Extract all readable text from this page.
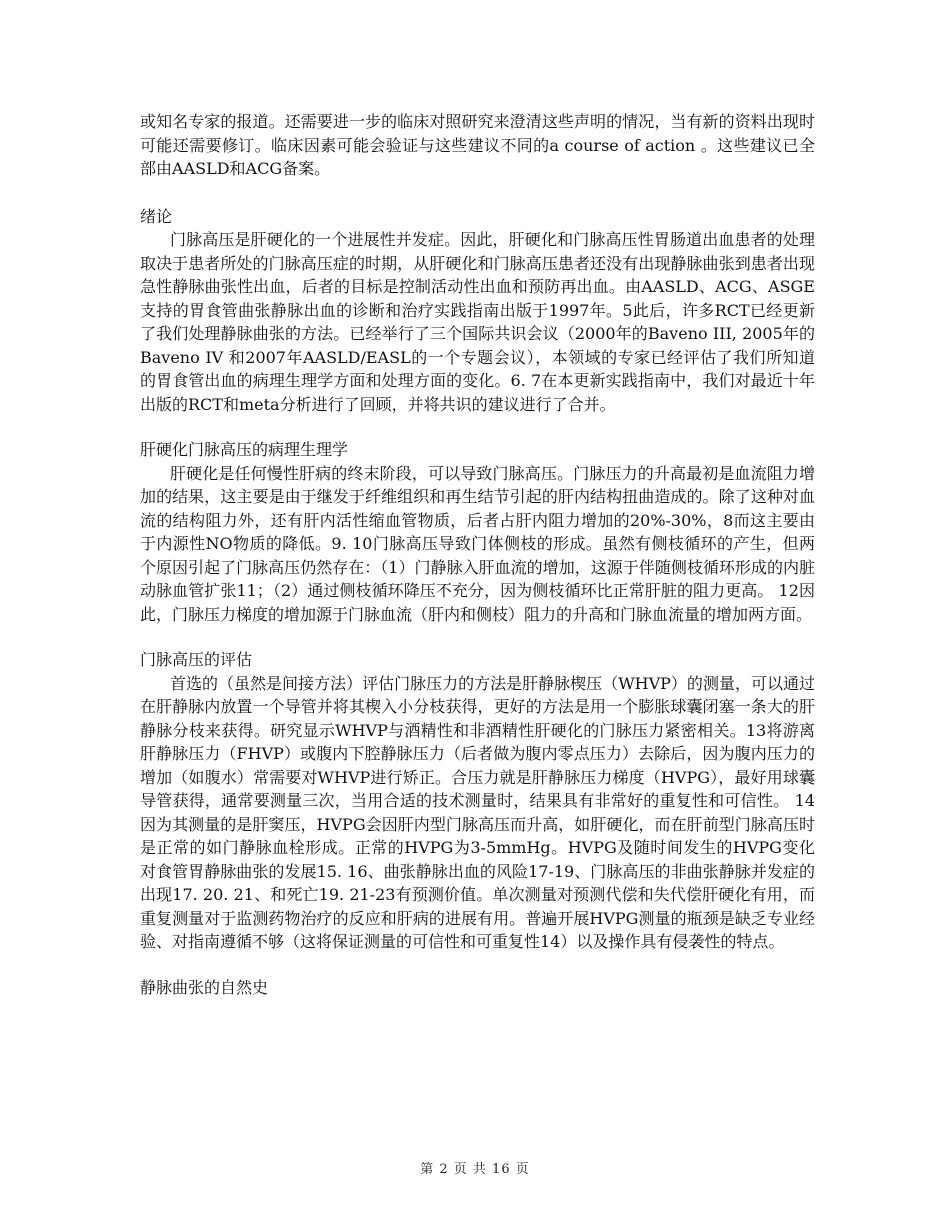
或知名专家的报道。还需要进一步的临床对照研究来澄清这些声明的情况，当有新的资料出现时可能还需要修订。临床因素可能会验证与这些建议不同的a course of action 。这些建议已全部由AASLD和ACG备案。

绪论

门脉高压是肝硬化的一个进展性并发症。因此，肝硬化和门脉高压性胃肠道出血患者的处理取决于患者所处的门脉高压症的时期，从肝硬化和门脉高压患者还没有出现静脉曲张到患者出现急性静脉曲张性出血，后者的目标是控制活动性出血和预防再出血。由AASLD、ACG、ASGE支持的胃食管曲张静脉出血的诊断和治疗实践指南出版于1997年。5此后，许多RCT已经更新了我们处理静脉曲张的方法。已经举行了三个国际共识会议（2000年的Baveno III, 2005年的Baveno IV 和2007年AASLD/EASL的一个专题会议），本领域的专家已经评估了我们所知道的胃食管出血的病理生理学方面和处理方面的变化。6. 7在本更新实践指南中，我们对最近十年出版的RCT和meta分析进行了回顾，并将共识的建议进行了合并。

肝硬化门脉高压的病理生理学

肝硬化是任何慢性肝病的终末阶段，可以导致门脉高压。门脉压力的升高最初是血流阻力增加的结果，这主要是由于继发于纤维组织和再生结节引起的肝内结构扭曲造成的。除了这种对血流的结构阻力外，还有肝内活性缩血管物质，后者占肝内阻力增加的20%-30%，8而这主要由于内源性NO物质的降低。9. 10门脉高压导致门体侧枝的形成。虽然有侧枝循环的产生，但两个原因引起了门脉高压仍然存在：（1）门静脉入肝血流的增加，这源于伴随侧枝循环形成的内脏动脉血管扩张11；（2）通过侧枝循环降压不充分，因为侧枝循环比正常肝脏的阻力更高。 12因此，门脉压力梯度的增加源于门脉血流（肝内和侧枝）阻力的升高和门脉血流量的增加两方面。

门脉高压的评估

首选的（虽然是间接方法）评估门脉压力的方法是肝静脉楔压（WHVP）的测量，可以通过在肝静脉内放置一个导管并将其楔入小分枝获得，更好的方法是用一个膨胀球囊闭塞一条大的肝静脉分枝来获得。研究显示WHVP与酒精性和非酒精性肝硬化的门脉压力紧密相关。13将游离肝静脉压力（FHVP）或腹内下腔静脉压力（后者做为腹内零点压力）去除后，因为腹内压力的增加（如腹水）常需要对WHVP进行矫正。合压力就是肝静脉压力梯度（HVPG），最好用球囊导管获得，通常要测量三次，当用合适的技术测量时，结果具有非常好的重复性和可信性。 14因为其测量的是肝窦压，HVPG会因肝内型门脉高压而升高，如肝硬化，而在肝前型门脉高压时是正常的如门静脉血栓形成。正常的HVPG为3-5mmHg。HVPG及随时间发生的HVPG变化对食管胃静脉曲张的发展15. 16、曲张静脉出血的风险17-19、门脉高压的非曲张静脉并发症的出现17. 20. 21、和死亡19. 21-23有预测价值。单次测量对预测代偿和失代偿肝硬化有用，而重复测量对于监测药物治疗的反应和肝病的进展有用。普遍开展HVPG测量的瓶颈是缺乏专业经验、对指南遵循不够（这将保证测量的可信性和可重复性14）以及操作具有侵袭性的特点。

静脉曲张的自然史

第 2 页 共 16 页
